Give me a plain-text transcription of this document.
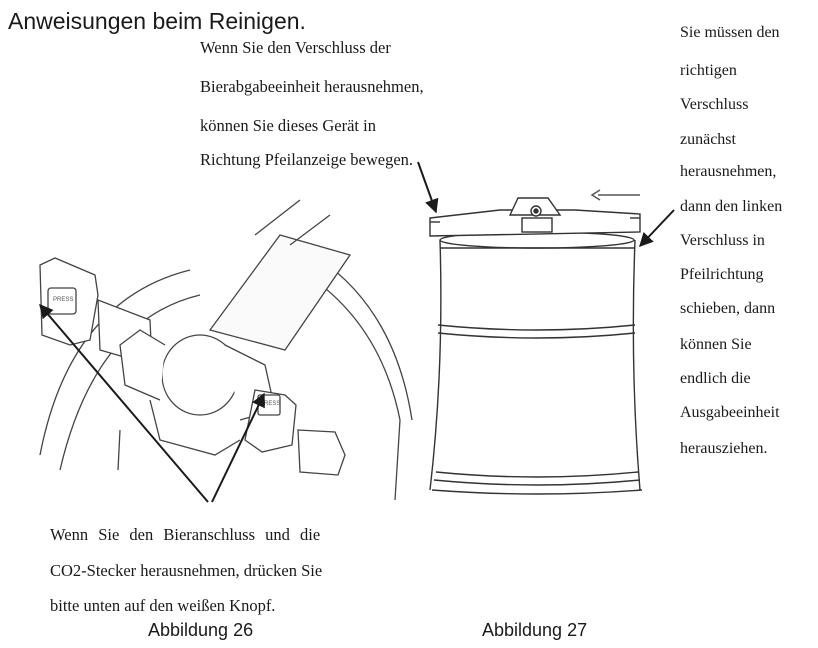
Anweisungen beim Reinigen.
PRESS
PRESS
Wenn Sie den Verschluss der
Bierabgabeeinheit herausnehmen,
können Sie dieses Gerät in
Richtung Pfeilanzeige bewegen.
Sie müssen den
richtigen
Verschluss
zunächst
herausnehmen,
dann den linken
Verschluss in
Pfeilrichtung
schieben, dann
können Sie
endlich die
Ausgabeeinheit
herausziehen.
Wenn Sie den Bieranschluss und die
CO2-Stecker herausnehmen, drücken Sie
bitte unten auf den weißen Knopf.
Abbildung 26	Abbildung 27
